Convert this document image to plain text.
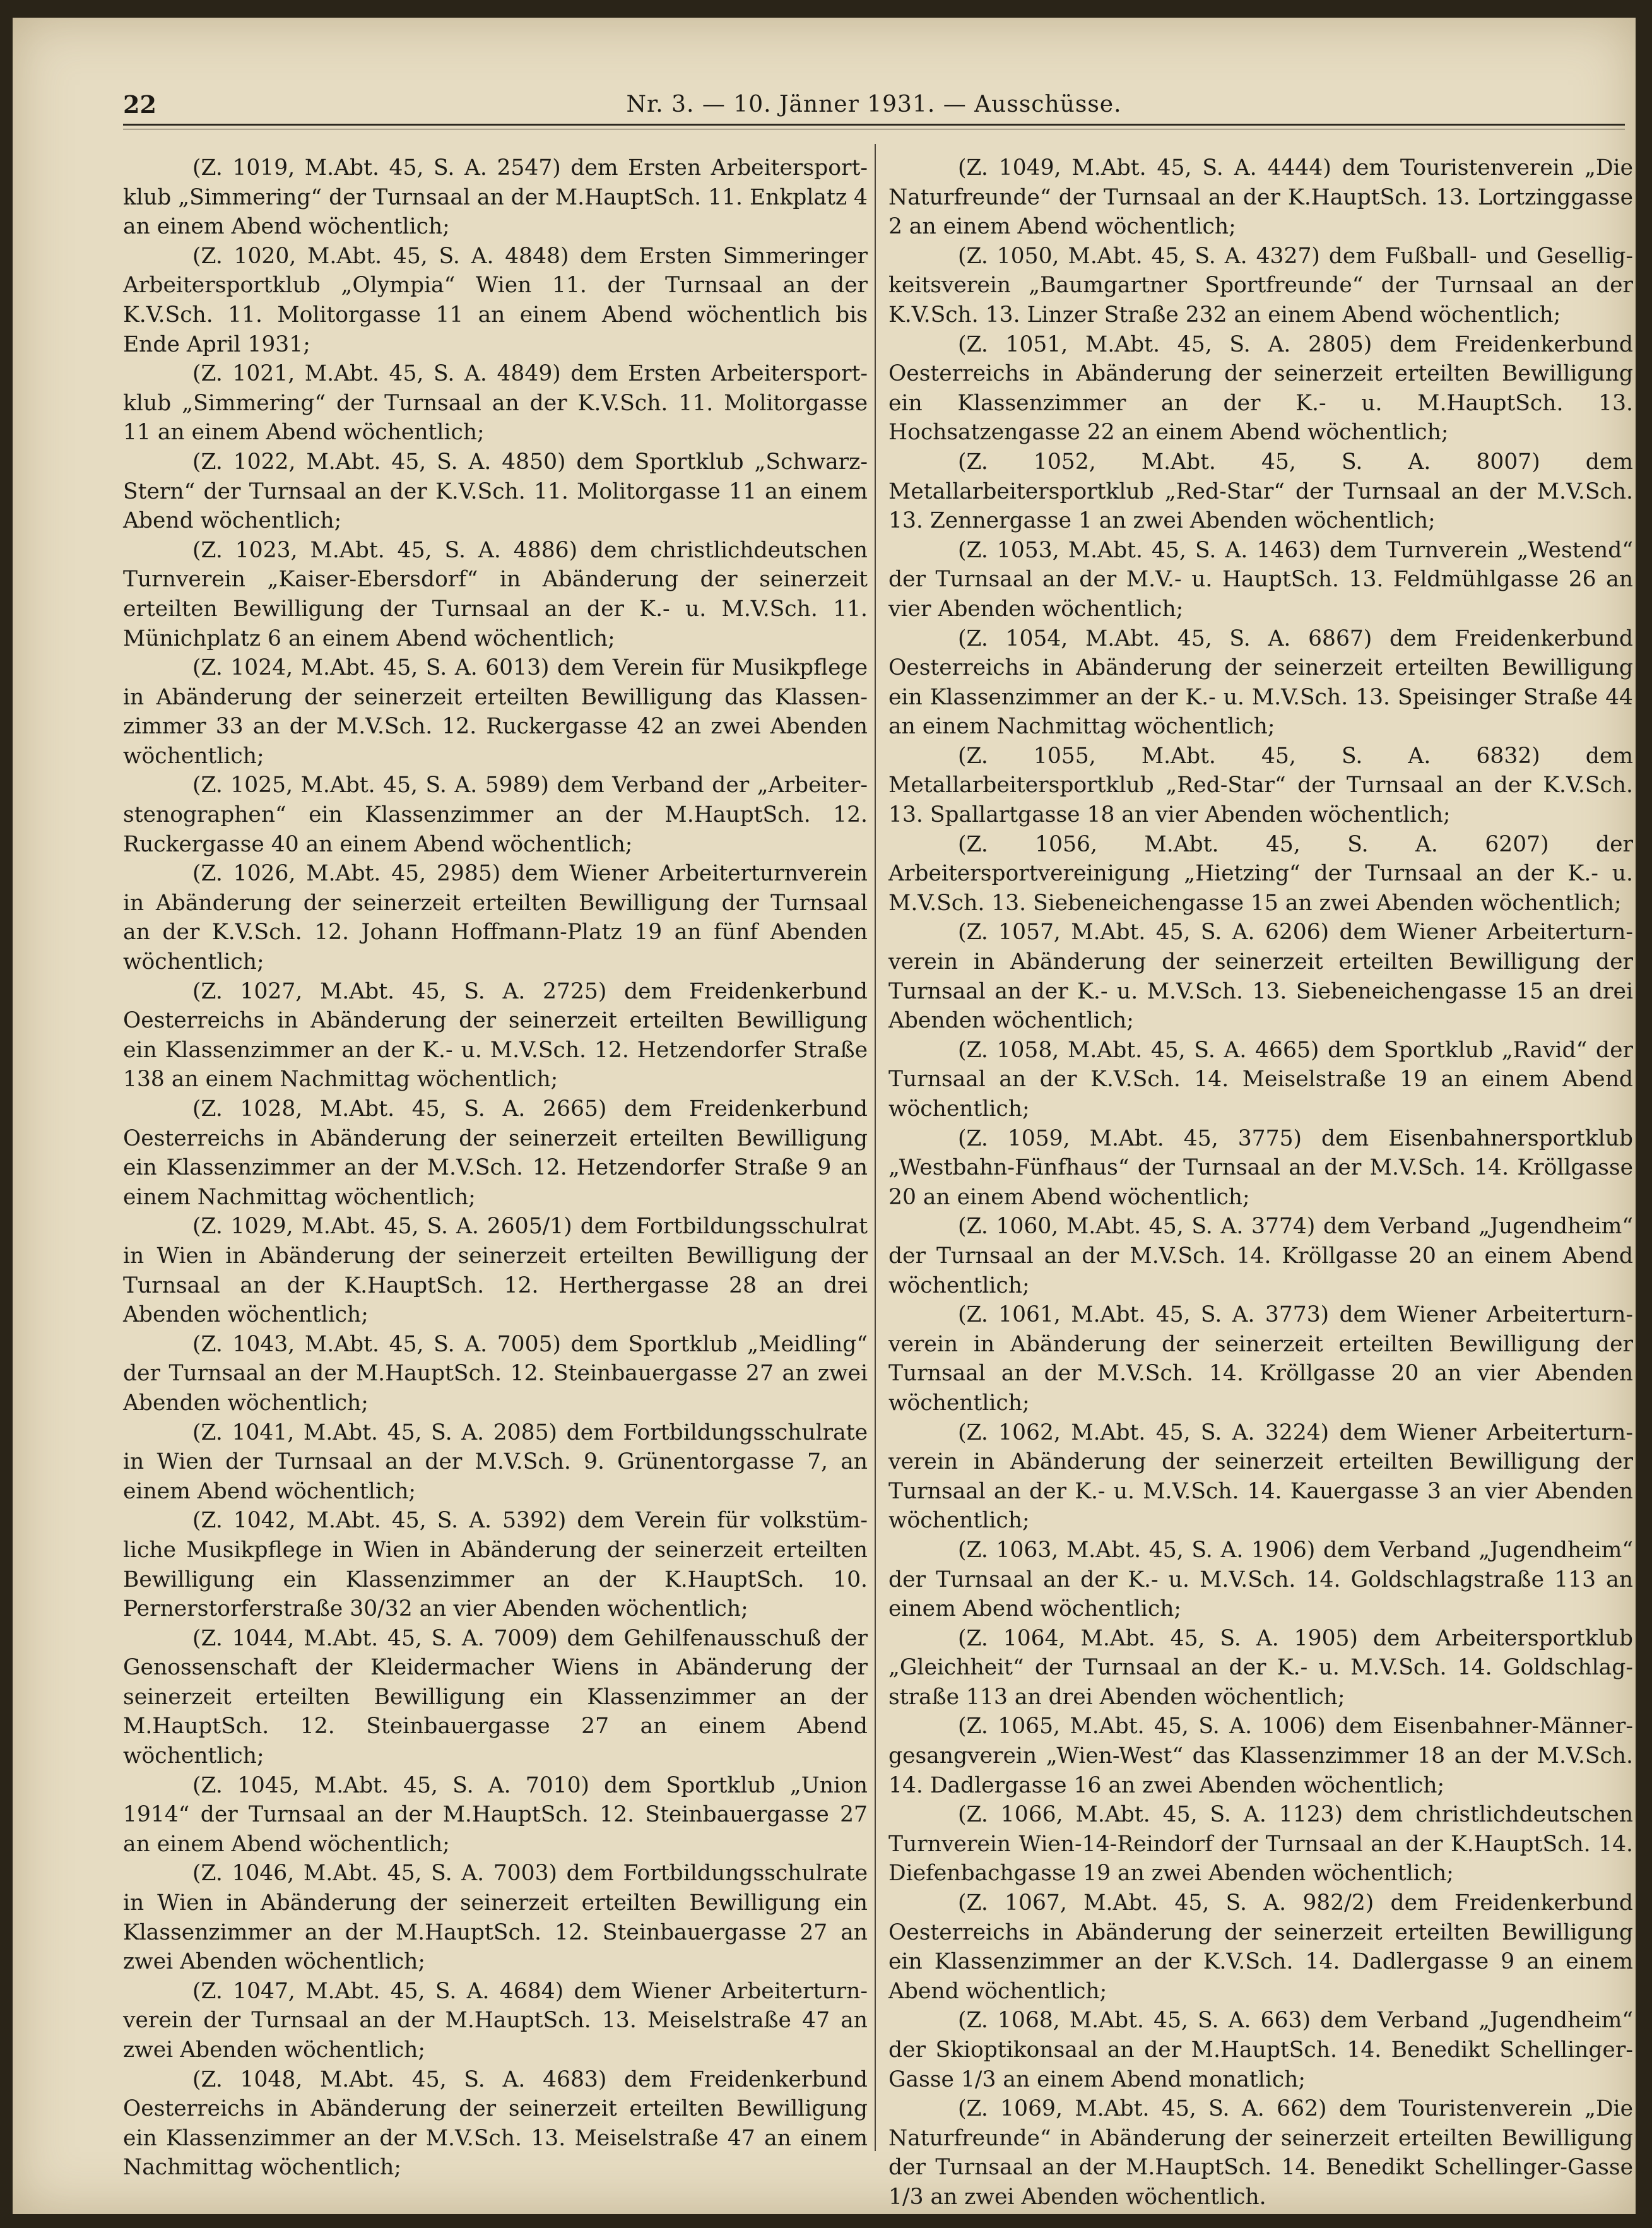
22	Nr. 3. — 10. Jänner 1931. — Ausschüsse.

(Z. 1019, M.Abt. 45, S. A. 2547) dem Ersten Arbeitersportklub „Simmering“ der Turnsaal an der M.HauptSch. 11. Enkplatz 4 an einem Abend wöchentlich;

(Z. 1020, M.Abt. 45, S. A. 4848) dem Ersten Simmeringer Arbeitersportklub „Olympia“ Wien 11. der Turnsaal an der K.V.Sch. 11. Molitorgasse 11 an einem Abend wöchentlich bis Ende April 1931;

(Z. 1021, M.Abt. 45, S. A. 4849) dem Ersten Arbeitersportklub „Simmering“ der Turnsaal an der K.V.Sch. 11. Molitorgasse 11 an einem Abend wöchentlich;

(Z. 1022, M.Abt. 45, S. A. 4850) dem Sportklub „SchwarzStern“ der Turnsaal an der K.V.Sch. 11. Molitorgasse 11 an einem Abend wöchentlich;

(Z. 1023, M.Abt. 45, S. A. 4886) dem christlichdeutschen Turnverein „Kaiser-Ebersdorf“ in Abänderung der seinerzeit erteilten Bewilligung der Turnsaal an der K.- u. M.V.Sch. 11. Münichplatz 6 an einem Abend wöchentlich;

(Z. 1024, M.Abt. 45, S. A. 6013) dem Verein für Musikpflege in Abänderung der seinerzeit erteilten Bewilligung das Klassenzimmer 33 an der M.V.Sch. 12. Ruckergasse 42 an zwei Abenden wöchentlich;

(Z. 1025, M.Abt. 45, S. A. 5989) dem Verband der „Arbeiterstenographen“ ein Klassenzimmer an der M.HauptSch. 12. Ruckergasse 40 an einem Abend wöchentlich;

(Z. 1026, M.Abt. 45, 2985) dem Wiener Arbeiterturnverein in Abänderung der seinerzeit erteilten Bewilligung der Turnsaal an der K.V.Sch. 12. Johann Hoffmann-Platz 19 an fünf Abenden wöchentlich;

(Z. 1027, M.Abt. 45, S. A. 2725) dem Freidenkerbund Oesterreichs in Abänderung der seinerzeit erteilten Bewilligung ein Klassenzimmer an der K.- u. M.V.Sch. 12. Hetzendorfer Straße 138 an einem Nachmittag wöchentlich;

(Z. 1028, M.Abt. 45, S. A. 2665) dem Freidenkerbund Oesterreichs in Abänderung der seinerzeit erteilten Bewilligung ein Klassenzimmer an der M.V.Sch. 12. Hetzendorfer Straße 9 an einem Nachmittag wöchentlich;

(Z. 1029, M.Abt. 45, S. A. 2605/1) dem Fortbildungsschulrat in Wien in Abänderung der seinerzeit erteilten Bewilligung der Turnsaal an der K.HauptSch. 12. Herthergasse 28 an drei Abenden wöchentlich;

(Z. 1043, M.Abt. 45, S. A. 7005) dem Sportklub „Meidling“ der Turnsaal an der M.HauptSch. 12. Steinbauergasse 27 an zwei Abenden wöchentlich;

(Z. 1041, M.Abt. 45, S. A. 2085) dem Fortbildungsschulrate in Wien der Turnsaal an der M.V.Sch. 9. Grünentorgasse 7, an einem Abend wöchentlich;

(Z. 1042, M.Abt. 45, S. A. 5392) dem Verein für volkstümliche Musikpflege in Wien in Abänderung der seinerzeit erteilten Bewilligung ein Klassenzimmer an der K.HauptSch. 10. Pernerstorferstraße 30/32 an vier Abenden wöchentlich;

(Z. 1044, M.Abt. 45, S. A. 7009) dem Gehilfenausschuß der Genossenschaft der Kleidermacher Wiens in Abänderung der seinerzeit erteilten Bewilligung ein Klassenzimmer an der M.HauptSch. 12. Steinbauergasse 27 an einem Abend wöchentlich;

(Z. 1045, M.Abt. 45, S. A. 7010) dem Sportklub „Union 1914“ der Turnsaal an der M.HauptSch. 12. Steinbauergasse 27 an einem Abend wöchentlich;

(Z. 1046, M.Abt. 45, S. A. 7003) dem Fortbildungsschulrate in Wien in Abänderung der seinerzeit erteilten Bewilligung ein Klassenzimmer an der M.HauptSch. 12. Steinbauergasse 27 an zwei Abenden wöchentlich;

(Z. 1047, M.Abt. 45, S. A. 4684) dem Wiener Arbeiterturnverein der Turnsaal an der M.HauptSch. 13. Meiselstraße 47 an zwei Abenden wöchentlich;

(Z. 1048, M.Abt. 45, S. A. 4683) dem Freidenkerbund Oesterreichs in Abänderung der seinerzeit erteilten Bewilligung ein Klassenzimmer an der M.V.Sch. 13. Meiselstraße 47 an einem Nachmittag wöchentlich;

(Z. 1049, M.Abt. 45, S. A. 4444) dem Touristenverein „Die Naturfreunde“ der Turnsaal an der K.HauptSch. 13. Lortzinggasse 2 an einem Abend wöchentlich;

(Z. 1050, M.Abt. 45, S. A. 4327) dem Fußball- und Geselligkeitsverein „Baumgartner Sportfreunde“ der Turnsaal an der K.V.Sch. 13. Linzer Straße 232 an einem Abend wöchentlich;

(Z. 1051, M.Abt. 45, S. A. 2805) dem Freidenkerbund Oesterreichs in Abänderung der seinerzeit erteilten Bewilligung ein Klassenzimmer an der K.- u. M.HauptSch. 13. Hochsatzengasse 22 an einem Abend wöchentlich;

(Z. 1052, M.Abt. 45, S. A. 8007) dem Metallarbeitersportklub „Red-Star“ der Turnsaal an der M.V.Sch. 13. Zennergasse 1 an zwei Abenden wöchentlich;

(Z. 1053, M.Abt. 45, S. A. 1463) dem Turnverein „Westend“ der Turnsaal an der M.V.- u. HauptSch. 13. Feldmühlgasse 26 an vier Abenden wöchentlich;

(Z. 1054, M.Abt. 45, S. A. 6867) dem Freidenkerbund Oesterreichs in Abänderung der seinerzeit erteilten Bewilligung ein Klassenzimmer an der K.- u. M.V.Sch. 13. Speisinger Straße 44 an einem Nachmittag wöchentlich;

(Z. 1055, M.Abt. 45, S. A. 6832) dem Metallarbeitersportklub „Red-Star“ der Turnsaal an der K.V.Sch. 13. Spallartgasse 18 an vier Abenden wöchentlich;

(Z. 1056, M.Abt. 45, S. A. 6207) der Arbeitersportvereinigung „Hietzing“ der Turnsaal an der K.- u. M.V.Sch. 13. Siebeneichengasse 15 an zwei Abenden wöchentlich;

(Z. 1057, M.Abt. 45, S. A. 6206) dem Wiener Arbeiterturnverein in Abänderung der seinerzeit erteilten Bewilligung der Turnsaal an der K.- u. M.V.Sch. 13. Siebeneichengasse 15 an drei Abenden wöchentlich;

(Z. 1058, M.Abt. 45, S. A. 4665) dem Sportklub „Ravid“ der Turnsaal an der K.V.Sch. 14. Meiselstraße 19 an einem Abend wöchentlich;

(Z. 1059, M.Abt. 45, 3775) dem Eisenbahnersportklub „Westbahn-Fünfhaus“ der Turnsaal an der M.V.Sch. 14. Kröllgasse 20 an einem Abend wöchentlich;

(Z. 1060, M.Abt. 45, S. A. 3774) dem Verband „Jugendheim“ der Turnsaal an der M.V.Sch. 14. Kröllgasse 20 an einem Abend wöchentlich;

(Z. 1061, M.Abt. 45, S. A. 3773) dem Wiener Arbeiterturnverein in Abänderung der seinerzeit erteilten Bewilligung der Turnsaal an der M.V.Sch. 14. Kröllgasse 20 an vier Abenden wöchentlich;

(Z. 1062, M.Abt. 45, S. A. 3224) dem Wiener Arbeiterturnverein in Abänderung der seinerzeit erteilten Bewilligung der Turnsaal an der K.- u. M.V.Sch. 14. Kauergasse 3 an vier Abenden wöchentlich;

(Z. 1063, M.Abt. 45, S. A. 1906) dem Verband „Jugendheim“ der Turnsaal an der K.- u. M.V.Sch. 14. Goldschlagstraße 113 an einem Abend wöchentlich;

(Z. 1064, M.Abt. 45, S. A. 1905) dem Arbeitersportklub „Gleichheit“ der Turnsaal an der K.- u. M.V.Sch. 14. Goldschlagstraße 113 an drei Abenden wöchentlich;

(Z. 1065, M.Abt. 45, S. A. 1006) dem Eisenbahner-Männergesangverein „Wien-West“ das Klassenzimmer 18 an der M.V.Sch. 14. Dadlergasse 16 an zwei Abenden wöchentlich;

(Z. 1066, M.Abt. 45, S. A. 1123) dem christlichdeutschen Turnverein Wien-14-Reindorf der Turnsaal an der K.HauptSch. 14. Diefenbachgasse 19 an zwei Abenden wöchentlich;

(Z. 1067, M.Abt. 45, S. A. 982/2) dem Freidenkerbund Oesterreichs in Abänderung der seinerzeit erteilten Bewilligung ein Klassenzimmer an der K.V.Sch. 14. Dadlergasse 9 an einem Abend wöchentlich;

(Z. 1068, M.Abt. 45, S. A. 663) dem Verband „Jugendheim“ der Skioptikonsaal an der M.HauptSch. 14. Benedikt SchellingerGasse 1/3 an einem Abend monatlich;

(Z. 1069, M.Abt. 45, S. A. 662) dem Touristenverein „Die Naturfreunde“ in Abänderung der seinerzeit erteilten Bewilligung der Turnsaal an der M.HauptSch. 14. Benedikt Schellinger-Gasse 1/3 an zwei Abenden wöchentlich.
